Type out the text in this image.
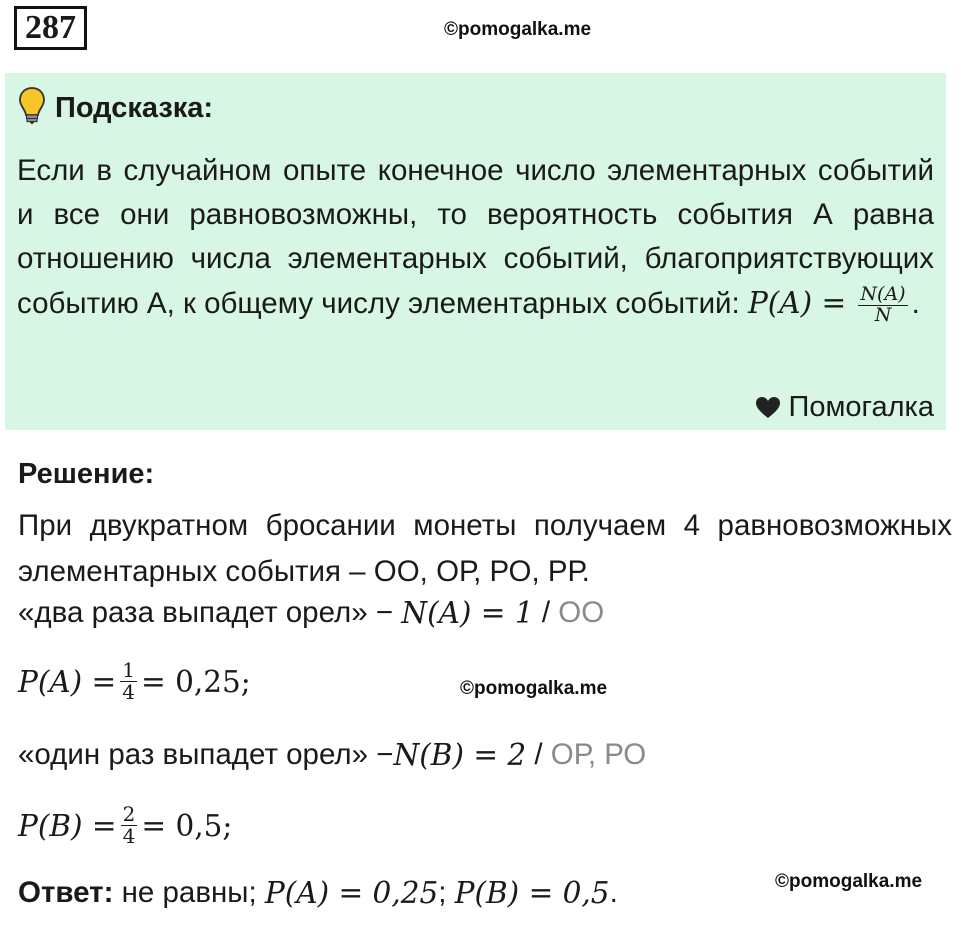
287	©pomogalka.me
Подсказка:
Если в случайном опыте конечное число элементарных событий и все они равновозможны, то вероятность события А равна отношению числа элементарных событий, благоприятствующих событию А, к общему числу элементарных событий: $P(A) = \frac{N(A)}{N}$ .
Помогалка
Решение:
При двукратном бросании монеты получаем 4 равновозможных элементарных события – ОО, ОР, РО, РР.
«два раза выпадет орел» − N(A) = 1 / ОО
$P(A) = \frac{1}{4} = 0,25$;	©pomogalka.me
«один раз выпадет орел» − N(B) = 2 / ОР, РО
$P(B) = \frac{2}{4} = 0,5$;
Ответ: не равны; P(A) = 0,25 ; P(B) = 0,5 .	©pomogalka.me
